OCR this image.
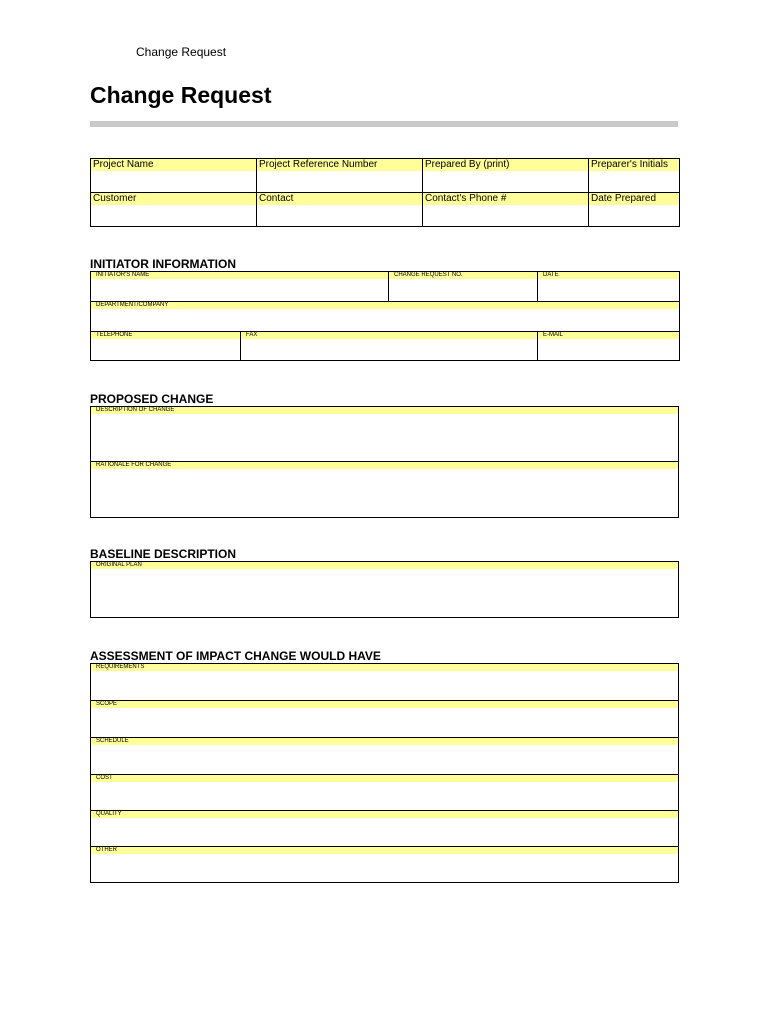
Change Request
Change Request
Project Name	Project Reference Number	Prepared By (print)	Preparer's Initials

Customer	Contact	Contact's Phone #	Date Prepared
INITIATOR INFORMATION
INITIATOR'S NAME		CHANGE REQUEST NO.	DATE

DEPARTMENT/COMPANY			

TELEPHONE	FAX		E-MAIL
PROPOSED CHANGE
DESCRIPTION OF CHANGE

RATIONALE FOR CHANGE
BASELINE DESCRIPTION
ORIGINAL PLAN
ASSESSMENT OF IMPACT CHANGE WOULD HAVE
REQUIREMENTS

SCOPE

SCHEDULE

COST

QUALITY

OTHER
